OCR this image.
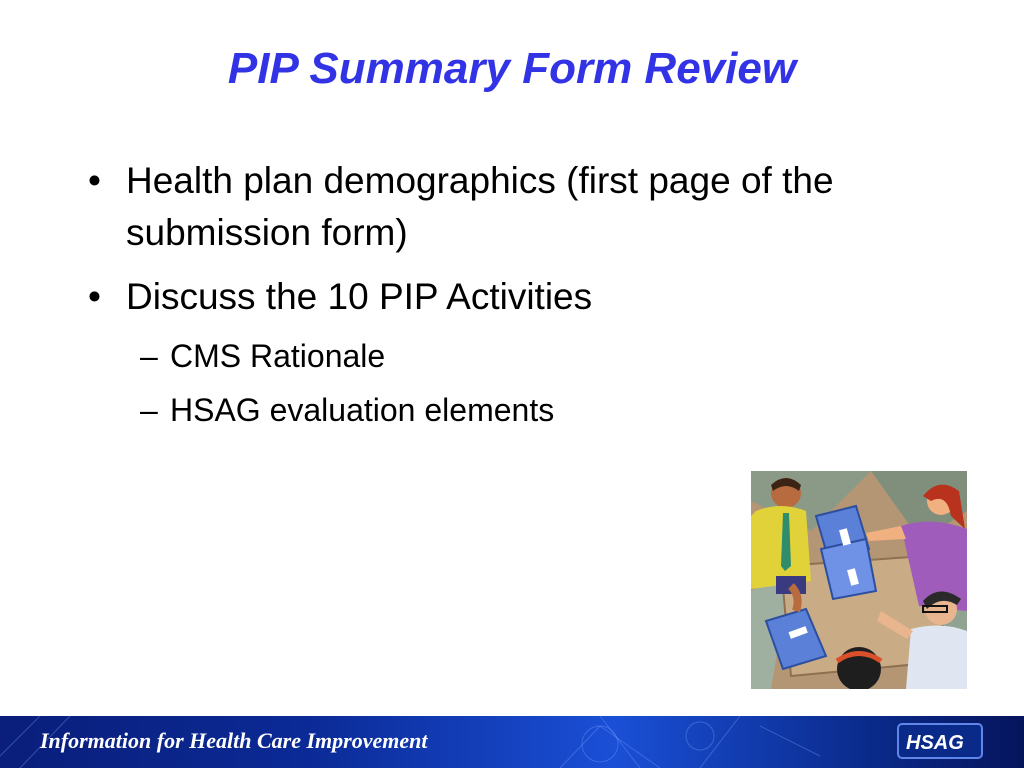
PIP Summary Form Review
• Health plan demographics (first page of the submission form)
• Discuss the 10 PIP Activities
– CMS Rationale
– HSAG evaluation elements
Information for Health Care Improvement	HSAG
